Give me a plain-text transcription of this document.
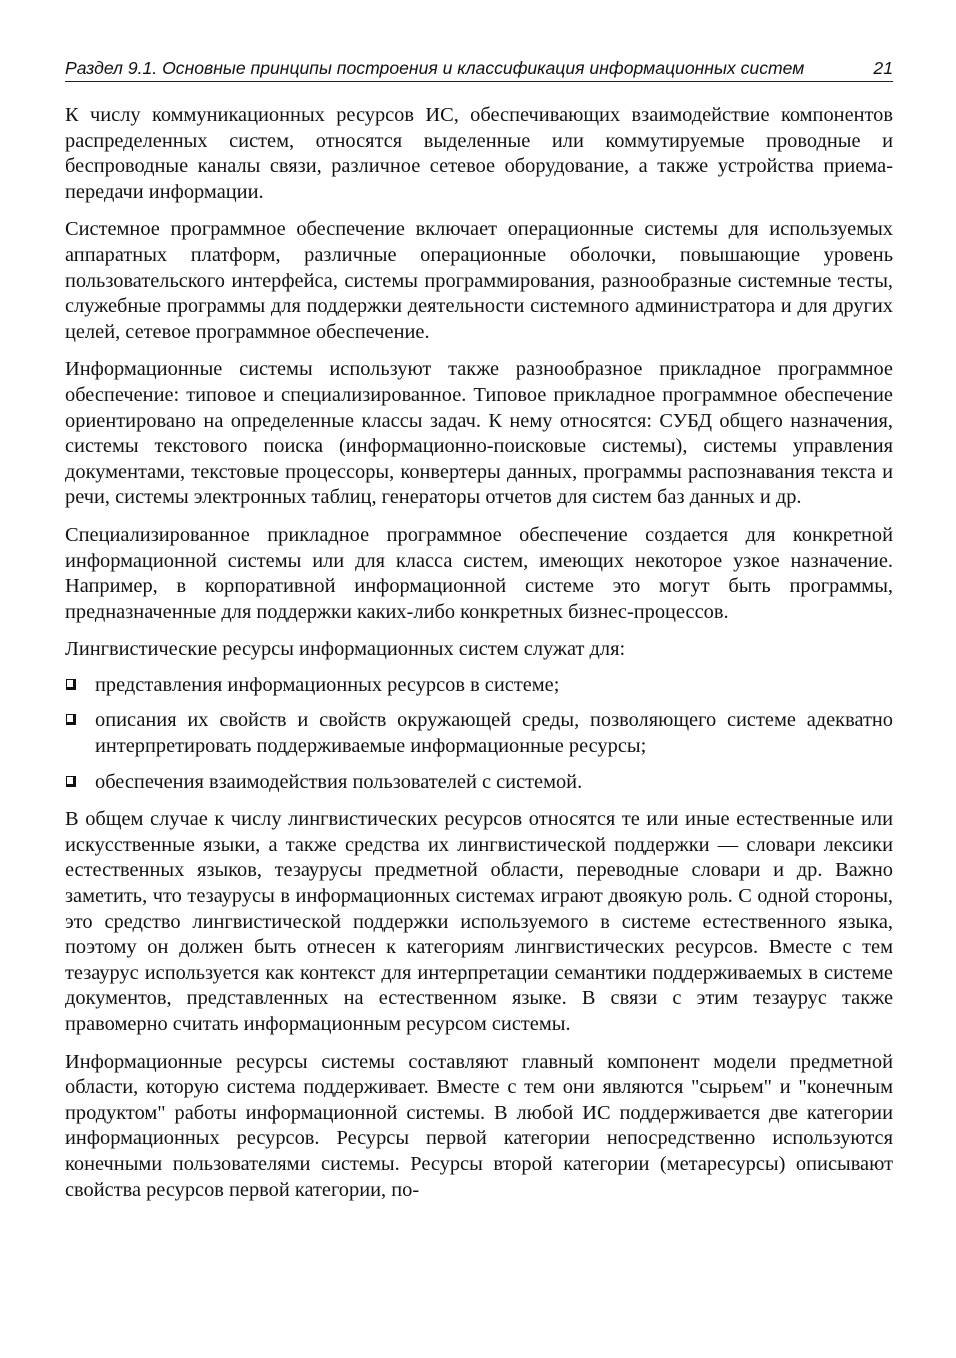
Раздел 9.1. Основные принципы построения и классификация информационных систем	21

К числу коммуникационных ресурсов ИС, обеспечивающих взаимодействие компонентов распределенных систем, относятся выделенные или коммутируемые проводные и беспроводные каналы связи, различное сетевое оборудование, а также устройства приема-передачи информации.

Системное программное обеспечение включает операционные системы для используемых аппаратных платформ, различные операционные оболочки, повышающие уровень пользовательского интерфейса, системы программирования, разнообразные системные тесты, служебные программы для поддержки деятельности системного администратора и для других целей, сетевое программное обеспечение.

Информационные системы используют также разнообразное прикладное программное обеспечение: типовое и специализированное. Типовое прикладное программное обеспечение ориентировано на определенные классы задач. К нему относятся: СУБД общего назначения, системы текстового поиска (информационно-поисковые системы), системы управления документами, текстовые процессоры, конвертеры данных, программы распознавания текста и речи, системы электронных таблиц, генераторы отчетов для систем баз данных и др.

Специализированное прикладное программное обеспечение создается для конкретной информационной системы или для класса систем, имеющих некоторое узкое назначение. Например, в корпоративной информационной системе это могут быть программы, предназначенные для поддержки каких-либо конкретных бизнес-процессов.

Лингвистические ресурсы информационных систем служат для:

представления информационных ресурсов в системе;
описания их свойств и свойств окружающей среды, позволяющего системе адекватно интерпретировать поддерживаемые информационные ресурсы;
обеспечения взаимодействия пользователей с системой.

В общем случае к числу лингвистических ресурсов относятся те или иные естественные или искусственные языки, а также средства их лингвистической поддержки — словари лексики естественных языков, тезаурусы предметной области, переводные словари и др. Важно заметить, что тезаурусы в информационных системах играют двоякую роль. С одной стороны, это средство лингвистической поддержки используемого в системе естественного языка, поэтому он должен быть отнесен к категориям лингвистических ресурсов. Вместе с тем тезаурус используется как контекст для интерпретации семантики поддерживаемых в системе документов, представленных на естественном языке. В связи с этим тезаурус также правомерно считать информационным ресурсом системы.

Информационные ресурсы системы составляют главный компонент модели предметной области, которую система поддерживает. Вместе с тем они являются "сырьем" и "конечным продуктом" работы информационной системы. В любой ИС поддерживается две категории информационных ресурсов. Ресурсы первой категории непосредственно используются конечными пользователями системы. Ресурсы второй категории (метаресурсы) описывают свойства ресурсов первой категории, по-
